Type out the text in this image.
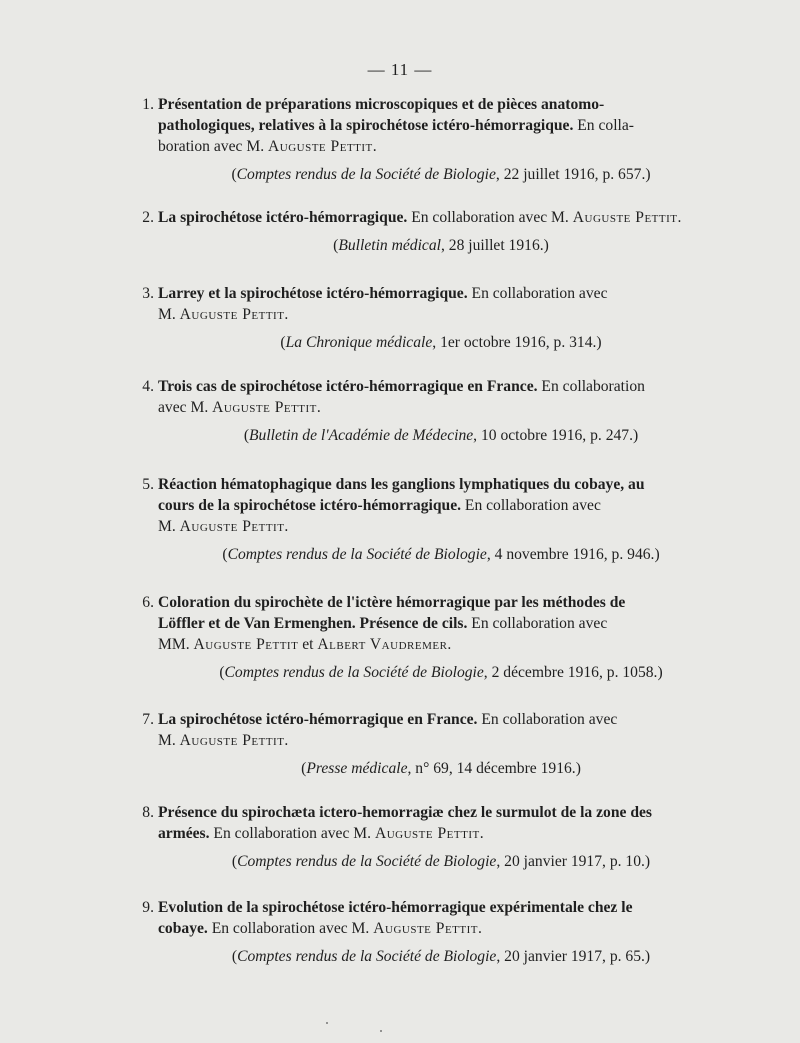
— 11 —
1. Présentation de préparations microscopiques et de pièces anatomo-
pathologiques, relatives à la spirochétose ictéro-hémorragique. En colla-
boration avec M. Auguste Pettit.
(Comptes rendus de la Société de Biologie, 22 juillet 1916, p. 657.)
2. La spirochétose ictéro-hémorragique. En collaboration avec M. Auguste Pettit.
(Bulletin médical, 28 juillet 1916.)
3. Larrey et la spirochétose ictéro-hémorragique. En collaboration avec
M. Auguste Pettit.
(La Chronique médicale, 1er octobre 1916, p. 314.)
4. Trois cas de spirochétose ictéro-hémorragique en France. En collaboration
avec M. Auguste Pettit.
(Bulletin de l'Académie de Médecine, 10 octobre 1916, p. 247.)
5. Réaction hématophagique dans les ganglions lymphatiques du cobaye, au
cours de la spirochétose ictéro-hémorragique. En collaboration avec
M. Auguste Pettit.
(Comptes rendus de la Société de Biologie, 4 novembre 1916, p. 946.)
6. Coloration du spirochète de l'ictère hémorragique par les méthodes de
Löffler et de Van Ermenghen. Présence de cils. En collaboration avec
MM. Auguste Pettit et Albert Vaudremer.
(Comptes rendus de la Société de Biologie, 2 décembre 1916, p. 1058.)
7. La spirochétose ictéro-hémorragique en France. En collaboration avec
M. Auguste Pettit.
(Presse médicale, n° 69, 14 décembre 1916.)
8. Présence du spirochæta ictero-hemorragiæ chez le surmulot de la zone des
armées. En collaboration avec M. Auguste Pettit.
(Comptes rendus de la Société de Biologie, 20 janvier 1917, p. 10.)
9. Evolution de la spirochétose ictéro-hémorragique expérimentale chez le
cobaye. En collaboration avec M. Auguste Pettit.
(Comptes rendus de la Société de Biologie, 20 janvier 1917, p. 65.)
